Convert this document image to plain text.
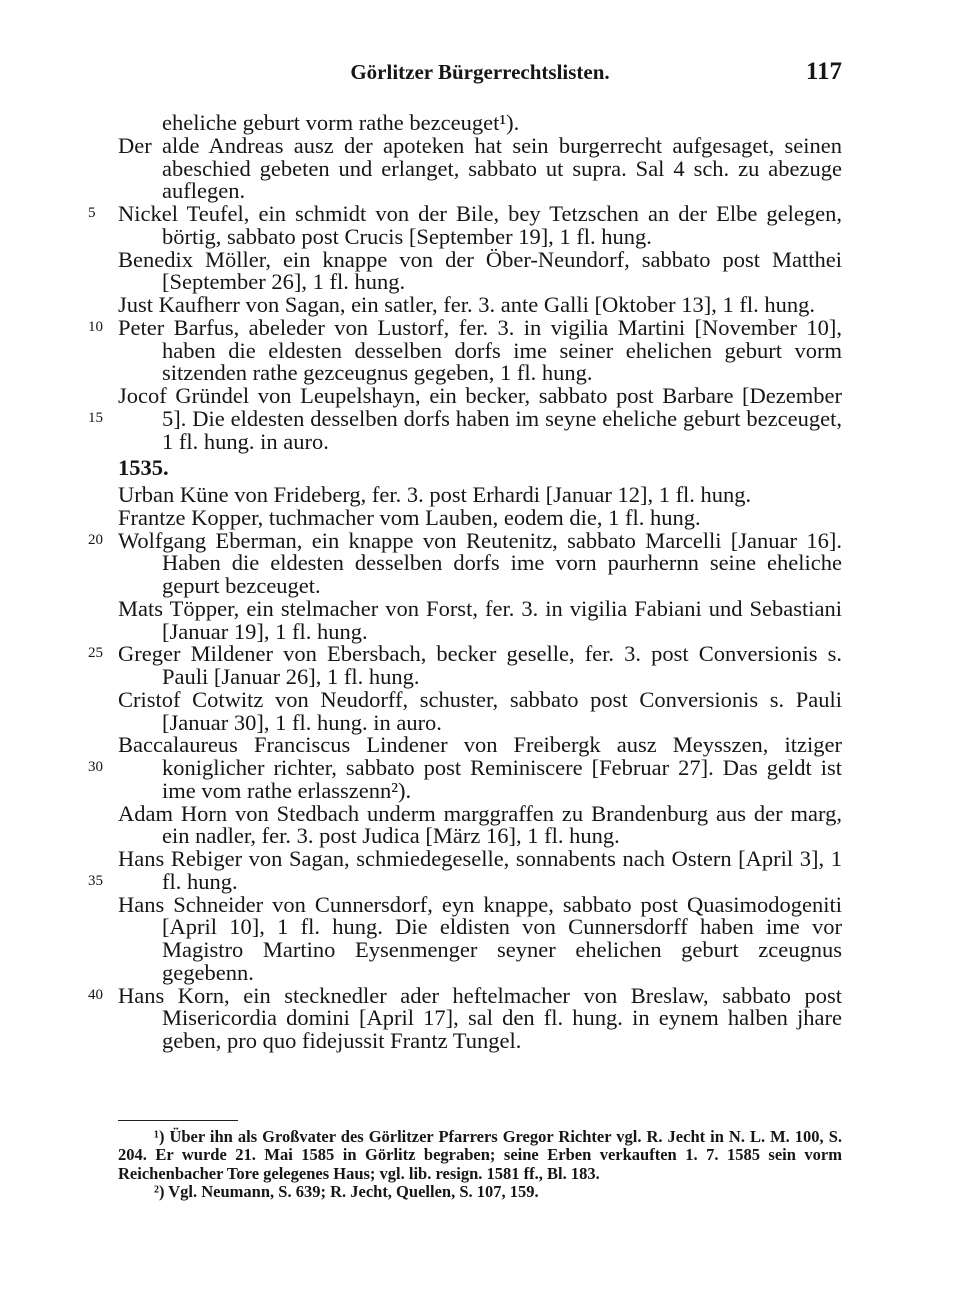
Görlitzer Bürgerrechtslisten.	117

eheliche geburt vorm rathe bezceuget¹).

Der alde Andreas ausz der apoteken hat sein burgerrecht aufgesaget, seinen abeschied gebeten und erlanget, sabbato ut supra. Sal 4 sch. zu abezuge auflegen.

5	Nickel Teufel, ein schmidt von der Bile, bey Tetzschen an der Elbe gelegen, börtig, sabbato post Crucis [September 19], 1 fl. hung.

Benedix Möller, ein knappe von der Öber-Neundorf, sabbato post Matthei [September 26], 1 fl. hung.

10

Just Kaufherr von Sagan, ein satler, fer. 3. ante Galli [Oktober 13], 1 fl. hung.

Peter Barfus, abeleder von Lustorf, fer. 3. in vigilia Martini [November 10], haben die eldesten desselben dorfs ime seiner ehelichen geburt vorm sitzenden rathe gezceugnus gegeben, 1 fl. hung.

15

Jocof Gründel von Leupelshayn, ein becker, sabbato post Barbare [Dezember 5]. Die eldesten desselben dorfs haben im seyne eheliche geburt bezceuget, 1 fl. hung. in auro.

1535.

Urban Küne von Frideberg, fer. 3. post Erhardi [Januar 12], 1 fl. hung.

Frantze Kopper, tuchmacher vom Lauben, eodem die, 1 fl. hung.

20 Wolfgang Eberman, ein knappe von Reutenitz, sabbato Marcelli [Januar 16]. Haben die eldesten desselben dorfs ime vorn paurhernn seine eheliche gepurt bezceuget.

Mats Töpper, ein stelmacher von Forst, fer. 3. in vigilia Fabiani und Sebastiani [Januar 19], 1 fl. hung.

25 Greger Mildener von Ebersbach, becker geselle, fer. 3. post Conversionis s. Pauli [Januar 26], 1 fl. hung.

Cristof Cotwitz von Neudorff, schuster, sabbato post Conversionis s. Pauli [Januar 30], 1 fl. hung. in auro.

30

Baccalaureus Franciscus Lindener von Freibergk ausz Meysszen, itziger koniglicher richter, sabbato post Reminiscere [Februar 27]. Das geldt ist ime vom rathe erlasszenn²).

Adam Horn von Stedbach underm marggraffen zu Brandenburg aus der marg, ein nadler, fer. 3. post Judica [März 16], 1 fl. hung.

35

Hans Rebiger von Sagan, schmiedegeselle, sonnabents nach Ostern [April 3], 1 fl. hung.

Hans Schneider von Cunnersdorf, eyn knappe, sabbato post Quasimodogeniti [April 10], 1 fl. hung. Die eldisten von Cunnersdorff haben ime vor Magistro Martino Eysenmenger seyner ehelichen geburt zceugnus gegebenn.

40 Hans Korn, ein stecknedler ader heftelmacher von Breslaw, sabbato post Misericordia domini [April 17], sal den fl. hung. in eynem halben jhare geben, pro quo fidejussit Frantz Tungel.

¹) Über ihn als Großvater des Görlitzer Pfarrers Gregor Richter vgl. R. Jecht in N. L. M. 100, S. 204. Er wurde 21. Mai 1585 in Görlitz begraben; seine Erben verkauften 1. 7. 1585 sein vorm Reichenbacher Tore gelegenes Haus; vgl. lib. resign. 1581 ff., Bl. 183.

²) Vgl. Neumann, S. 639; R. Jecht, Quellen, S. 107, 159.
